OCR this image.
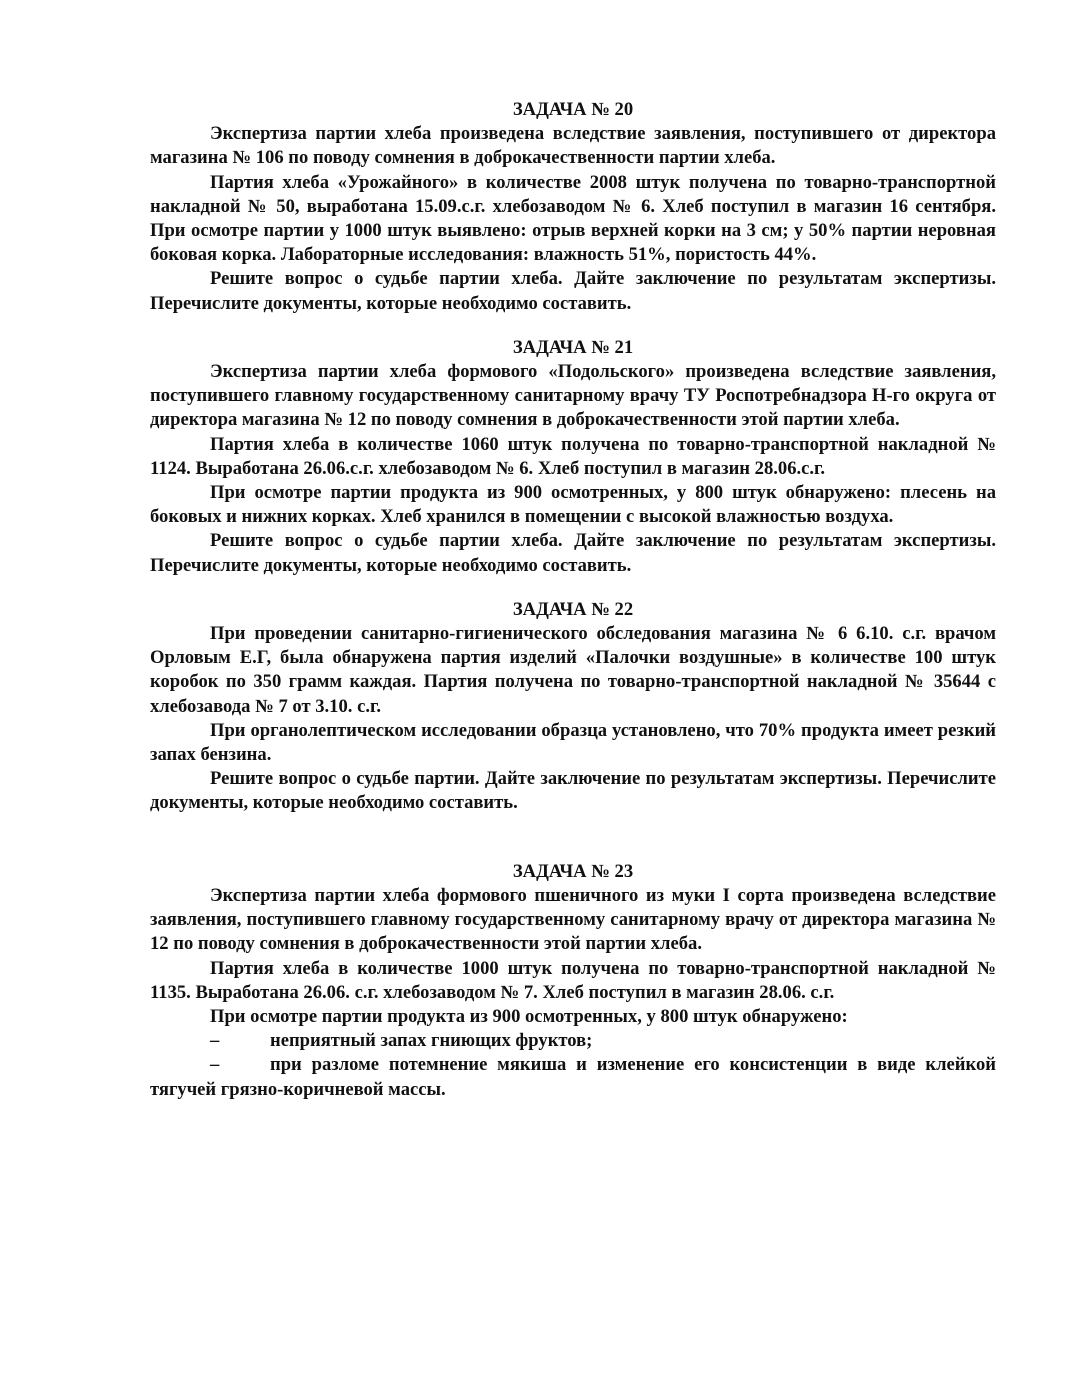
ЗАДАЧА № 20

Экспертиза партии хлеба произведена вследствие заявления, поступившего от директора магазина № 106 по поводу сомнения в доброкачественности партии хлеба.

Партия хлеба «Урожайного» в количестве 2008 штук получена по товарно-транспортной накладной № 50, выработана 15.09.с.г. хлебозаводом № 6. Хлеб поступил в магазин 16 сентября. При осмотре партии у 1000 штук выявлено: отрыв верхней корки на 3 см; у 50% партии неровная боковая корка. Лабораторные исследования: влажность 51%, пористость 44%.

Решите вопрос о судьбе партии хлеба. Дайте заключение по результатам экспертизы. Перечислите документы, которые необходимо составить.

ЗАДАЧА № 21

Экспертиза партии хлеба формового «Подольского» произведена вследствие заявления, поступившего главному государственному санитарному врачу ТУ Роспотребнадзора Н-го округа от директора магазина № 12 по поводу сомнения в доброкачественности этой партии хлеба.

Партия хлеба в количестве 1060 штук получена по товарно-транспортной накладной № 1124. Выработана 26.06.с.г. хлебозаводом № 6. Хлеб поступил в магазин 28.06.с.г.

При осмотре партии продукта из 900 осмотренных, у 800 штук обнаружено: плесень на боковых и нижних корках. Хлеб хранился в помещении с высокой влажностью воздуха.

Решите вопрос о судьбе партии хлеба. Дайте заключение по результатам экспертизы. Перечислите документы, которые необходимо составить.

ЗАДАЧА № 22

При проведении санитарно-гигиенического обследования магазина № 6 6.10. с.г. врачом Орловым Е.Г, была обнаружена партия изделий «Палочки воздушные» в количестве 100 штук коробок по 350 грамм каждая. Партия получена по товарно-транспортной накладной № 35644 с хлебозавода № 7 от 3.10. с.г.

При органолептическом исследовании образца установлено, что 70% продукта имеет резкий запах бензина.

Решите вопрос о судьбе партии. Дайте заключение по результатам экспертизы. Перечислите документы, которые необходимо составить.

ЗАДАЧА № 23

Экспертиза партии хлеба формового пшеничного из муки I сорта произведена вследствие заявления, поступившего главному государственному санитарному врачу от директора магазина № 12 по поводу сомнения в доброкачественности этой партии хлеба.

Партия хлеба в количестве 1000 штук получена по товарно-транспортной накладной № 1135. Выработана 26.06. с.г. хлебозаводом № 7. Хлеб поступил в магазин 28.06. с.г.

При осмотре партии продукта из 900 осмотренных, у 800 штук обнаружено:

–	неприятный запах гниющих фруктов;

–	при разломе потемнение мякиша и изменение его консистенции в виде клейкой тягучей грязно-коричневой массы.
